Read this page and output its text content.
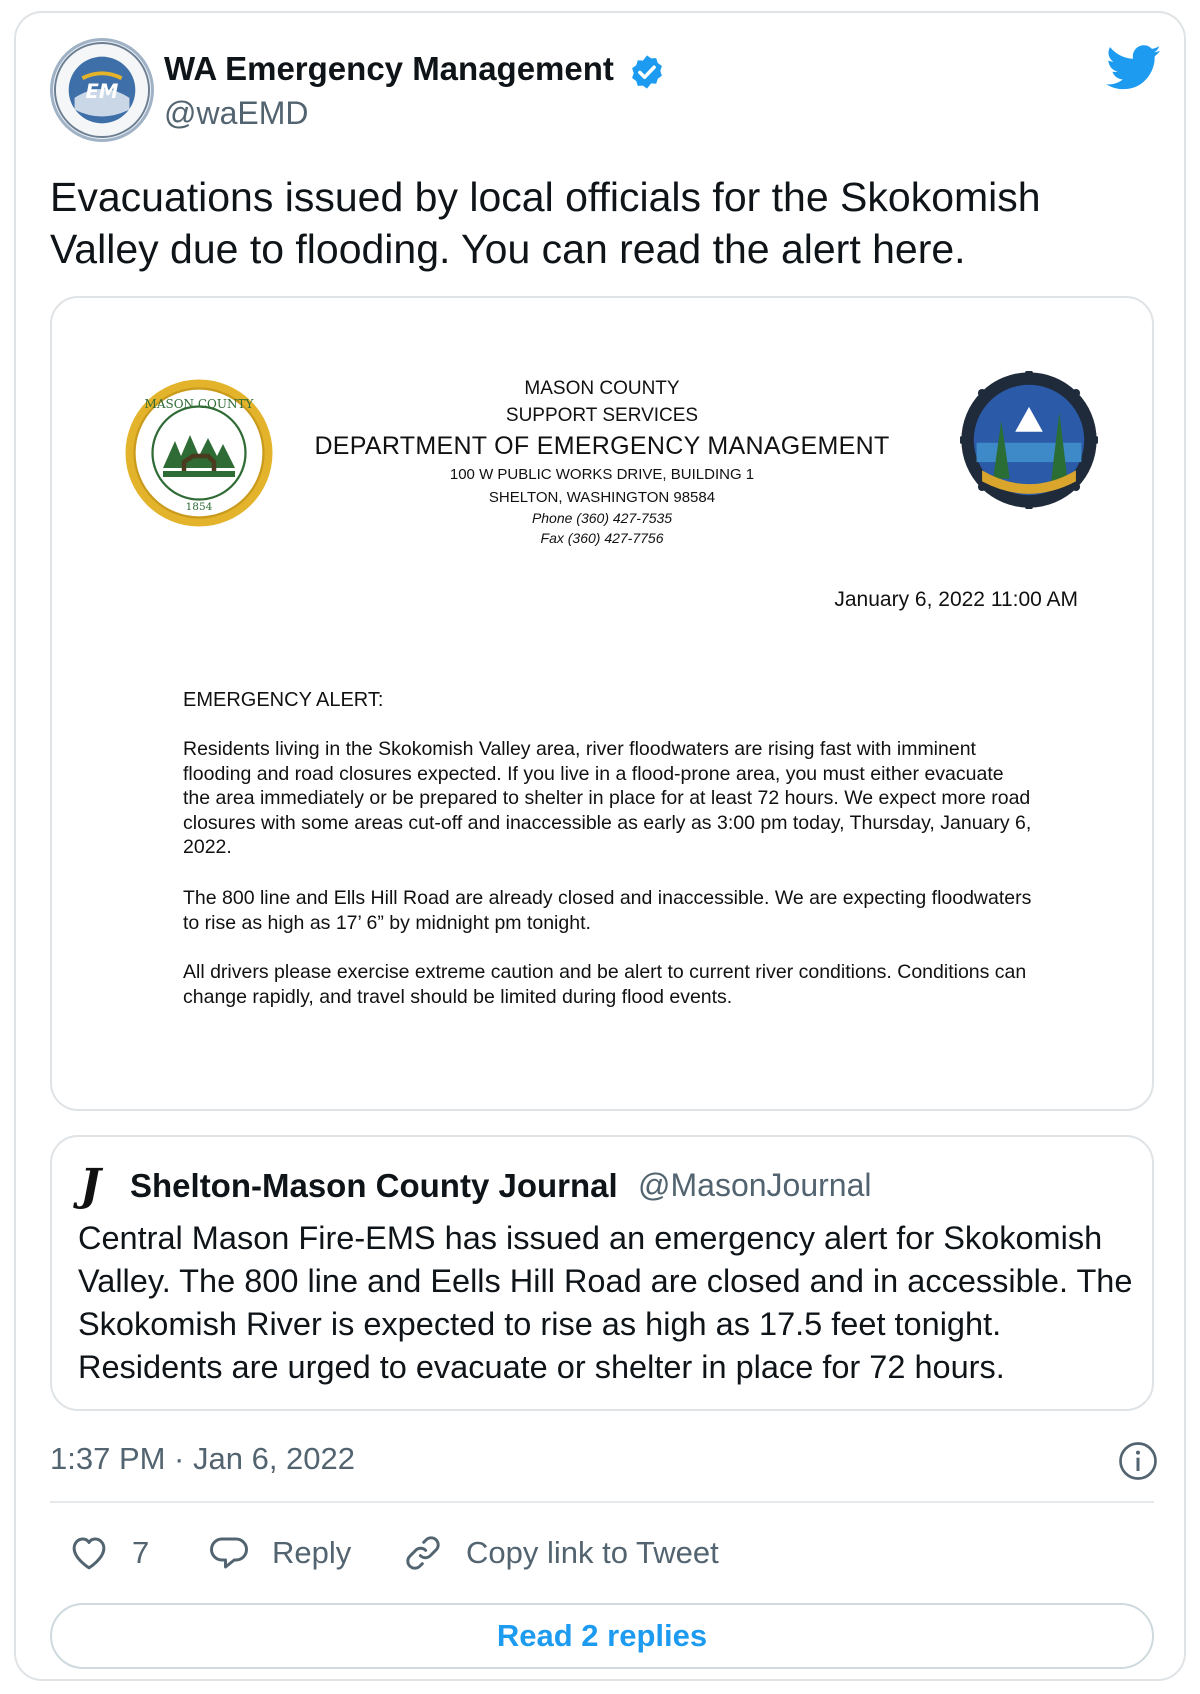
EM
WA Emergency Management
@waEMD
Evacuations issued by local officials for the Skokomish Valley due to flooding. You can read the alert here.
MASON COUNTY
1854
MASON COUNTY
SUPPORT SERVICES
DEPARTMENT OF EMERGENCY MANAGEMENT
100 W PUBLIC WORKS DRIVE, BUILDING 1
SHELTON, WASHINGTON 98584
Phone (360) 427-7535
Fax (360) 427-7756
January 6, 2022 11:00 AM
EMERGENCY ALERT:
Residents living in the Skokomish Valley area, river floodwaters are rising fast with imminent flooding and road closures expected. If you live in a flood-prone area, you must either evacuate the area immediately or be prepared to shelter in place for at least 72 hours. We expect more road closures with some areas cut-off and inaccessible as early as 3:00 pm today, Thursday, January 6, 2022.
The 800 line and Ells Hill Road are already closed and inaccessible. We are expecting floodwaters to rise as high as 17’ 6” by midnight pm tonight.
All drivers please exercise extreme caution and be alert to current river conditions. Conditions can change rapidly, and travel should be limited during flood events.
J Shelton-Mason County Journal @MasonJournal
Central Mason Fire-EMS has issued an emergency alert for Skokomish Valley. The 800 line and Eells Hill Road are closed and in accessible. The Skokomish River is expected to rise as high as 17.5 feet tonight. Residents are urged to evacuate or shelter in place for 72 hours.
1:37 PM · Jan 6, 2022
7	Reply	Copy link to Tweet
Read 2 replies
